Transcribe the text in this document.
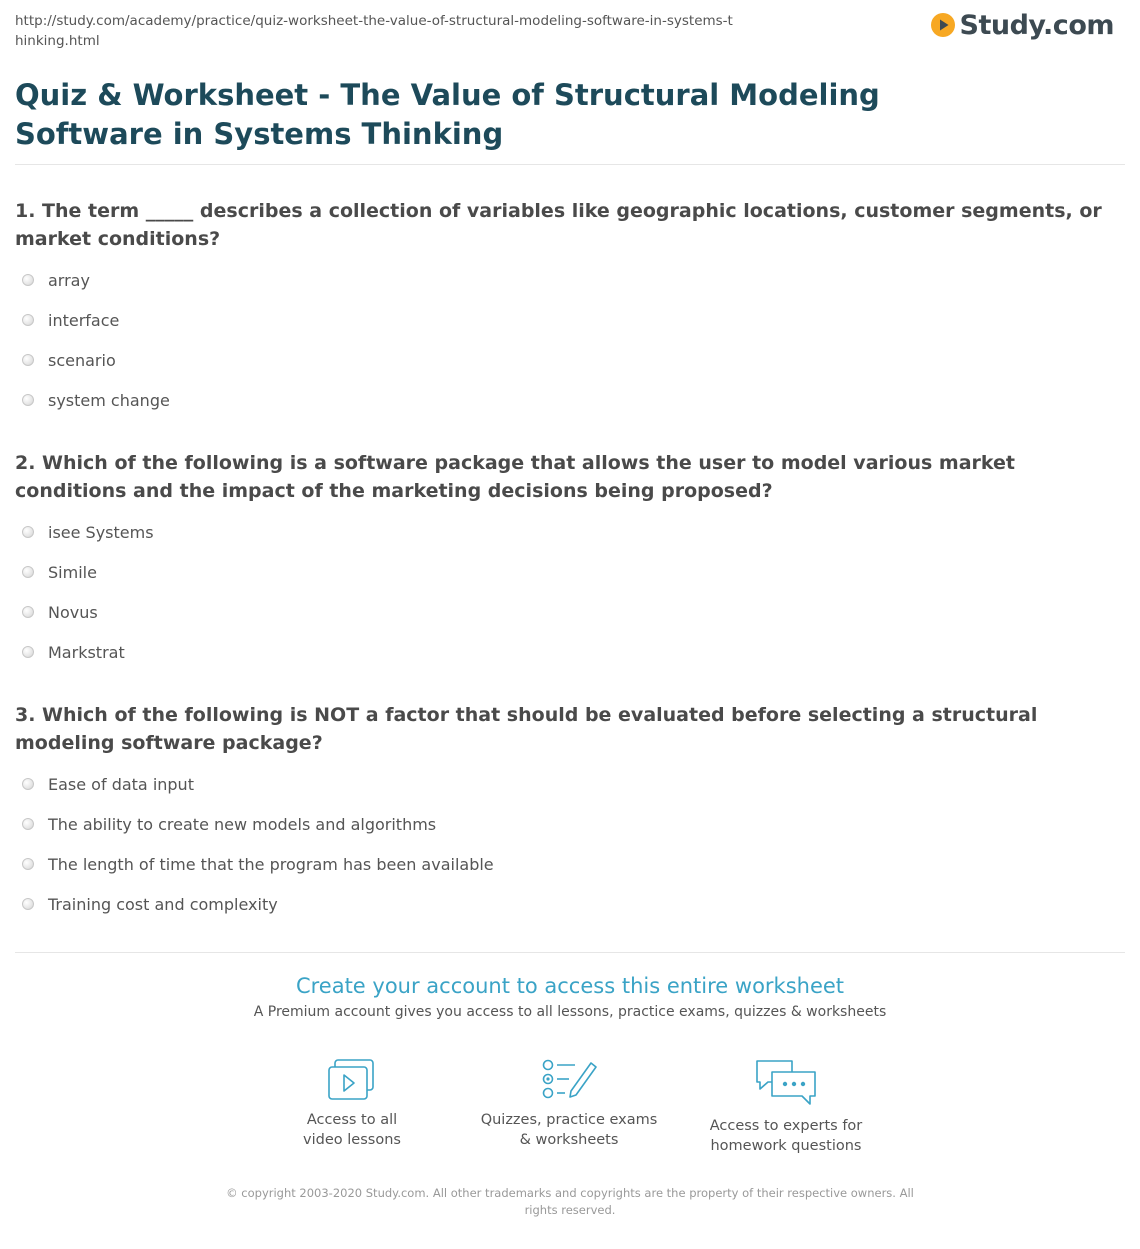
http://study.com/academy/practice/quiz-worksheet-the-value-of-structural-modeling-software-in-systems-thinking.html
Study.com
Quiz & Worksheet - The Value of Structural Modeling Software in Systems Thinking

1. The term _____ describes a collection of variables like geographic locations, customer segments, or market conditions?

array
interface
scenario
system change

2. Which of the following is a software package that allows the user to model various market conditions and the impact of the marketing decisions being proposed?

isee Systems
Simile
Novus
Markstrat

3. Which of the following is NOT a factor that should be evaluated before selecting a structural modeling software package?

Ease of data input
The ability to create new models and algorithms
The length of time that the program has been available
Training cost and complexity
Create your account to access this entire worksheet
A Premium account gives you access to all lessons, practice exams, quizzes & worksheets
Access to all
video lessons
Quizzes, practice exams
& worksheets
Access to experts for
homework questions
© copyright 2003-2020 Study.com. All other trademarks and copyrights are the property of their respective owners. All rights reserved.
